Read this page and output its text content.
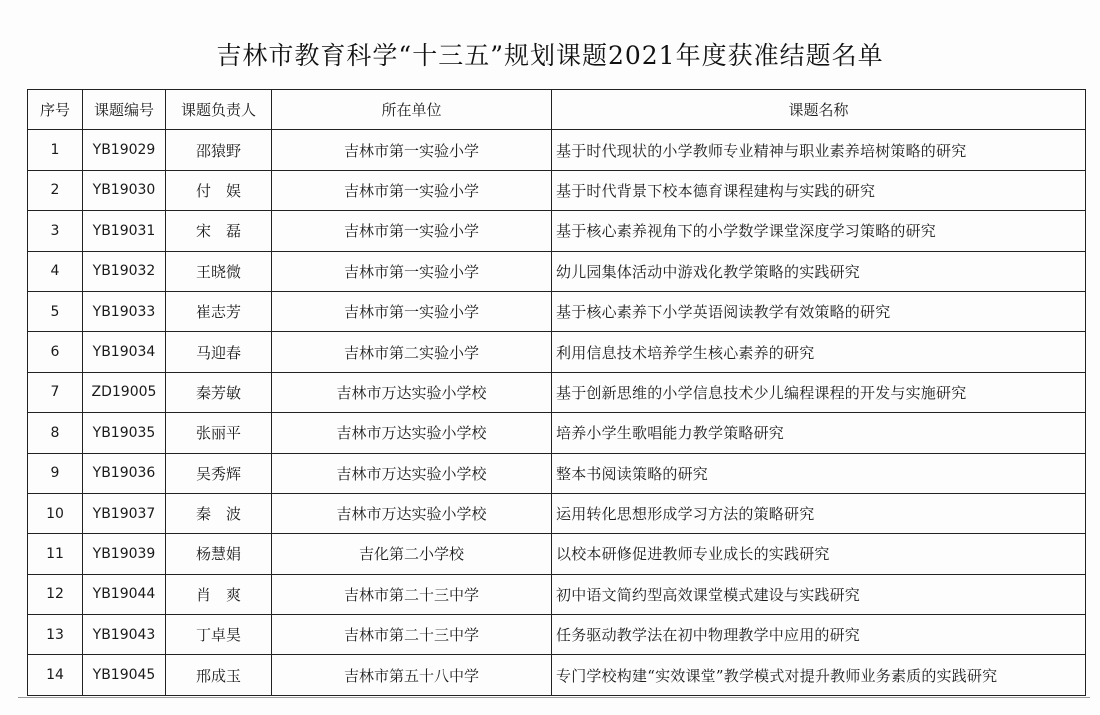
吉林市教育科学“十三五”规划课题2021年度获准结题名单
序号	课题编号	课题负责人	所在单位	课题名称
1	YB19029	邵猿野	吉林市第一实验小学	基于时代现状的小学教师专业精神与职业素养培树策略的研究
2	YB19030	付　娱	吉林市第一实验小学	基于时代背景下校本德育课程建构与实践的研究
3	YB19031	宋　磊	吉林市第一实验小学	基于核心素养视角下的小学数学课堂深度学习策略的研究
4	YB19032	王晓微	吉林市第一实验小学	幼儿园集体活动中游戏化教学策略的实践研究
5	YB19033	崔志芳	吉林市第一实验小学	基于核心素养下小学英语阅读教学有效策略的研究
6	YB19034	马迎春	吉林市第二实验小学	利用信息技术培养学生核心素养的研究
7	ZD19005	秦芳敏	吉林市万达实验小学校	基于创新思维的小学信息技术少儿编程课程的开发与实施研究
8	YB19035	张丽平	吉林市万达实验小学校	培养小学生歌唱能力教学策略研究
9	YB19036	吴秀辉	吉林市万达实验小学校	整本书阅读策略的研究
10	YB19037	秦　波	吉林市万达实验小学校	运用转化思想形成学习方法的策略研究
11	YB19039	杨慧娟	吉化第二小学校	以校本研修促进教师专业成长的实践研究
12	YB19044	肖　爽	吉林市第二十三中学	初中语文简约型高效课堂模式建设与实践研究
13	YB19043	丁卓昊	吉林市第二十三中学	任务驱动教学法在初中物理教学中应用的研究
14	YB19045	邢成玉	吉林市第五十八中学	专门学校构建“实效课堂”教学模式对提升教师业务素质的实践研究
